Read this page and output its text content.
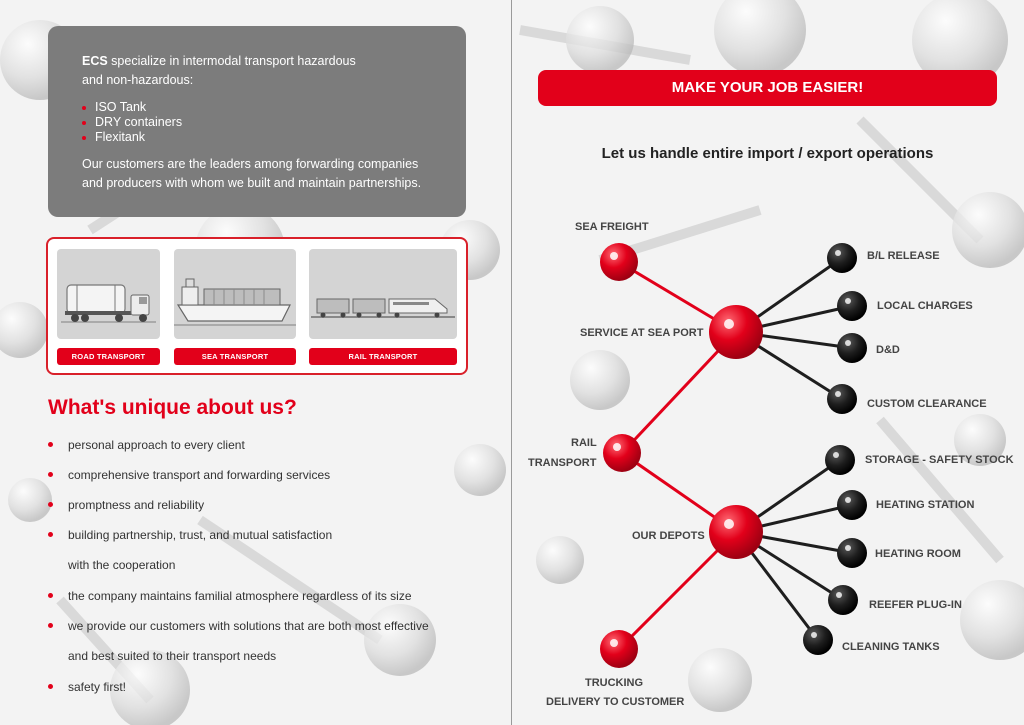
ECS specialize in intermodal transport hazardous and non-hazardous:
ISO Tank
DRY containers
Flexitank
Our customers are the leaders among forwarding companies and producers with whom we built and maintain partnerships.
ROAD TRANSPORT	SEA TRANSPORT	RAIL TRANSPORT
What's unique about us?
personal approach to every client
comprehensive transport and forwarding services
promptness and reliability
building partnership, trust, and mutual satisfaction
with the cooperation
the company maintains familial atmosphere regardless of its size
we provide our customers with solutions that are both most effective
and best suited to their transport needs
safety first!
MAKE YOUR JOB EASIER!
Let us handle entire import / export operations
SEA FREIGHT
SERVICE AT SEA PORT
RAIL
TRANSPORT
OUR DEPOTS
TRUCKING
DELIVERY TO CUSTOMER
B/L RELEASE
LOCAL CHARGES
D&D
CUSTOM CLEARANCE
STORAGE - SAFETY STOCK
HEATING STATION
HEATING ROOM
REEFER PLUG-IN
CLEANING TANKS
